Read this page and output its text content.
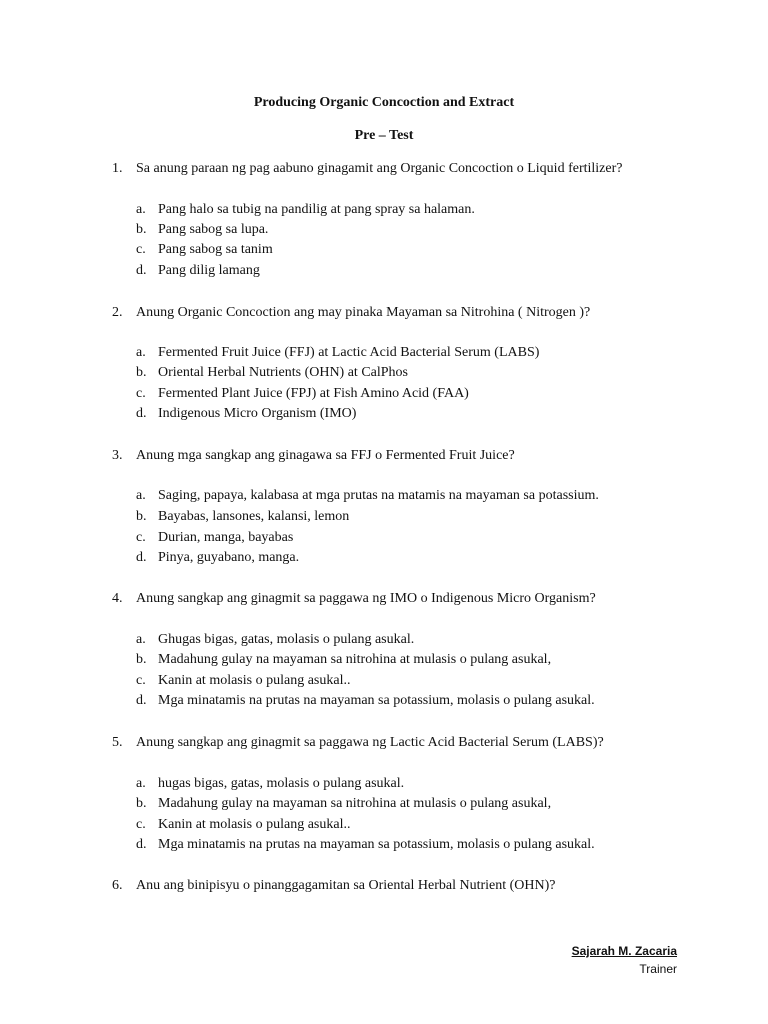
Producing Organic Concoction and Extract
Pre – Test
1. Sa anung paraan ng pag aabuno ginagamit ang Organic Concoction o Liquid fertilizer?
a. Pang halo sa tubig na pandilig at pang spray sa halaman.
b. Pang sabog sa lupa.
c. Pang sabog sa tanim
d. Pang dilig lamang
2. Anung Organic Concoction ang may pinaka Mayaman sa Nitrohina ( Nitrogen )?
a. Fermented Fruit Juice (FFJ) at Lactic Acid Bacterial Serum (LABS)
b. Oriental Herbal Nutrients (OHN) at CalPhos
c. Fermented Plant Juice (FPJ) at Fish Amino Acid (FAA)
d. Indigenous Micro Organism (IMO)
3. Anung mga sangkap ang ginagawa sa FFJ o Fermented Fruit Juice?
a. Saging, papaya, kalabasa at mga prutas na matamis na mayaman sa potassium.
b. Bayabas, lansones, kalansi, lemon
c. Durian, manga, bayabas
d. Pinya, guyabano, manga.
4. Anung sangkap ang ginagmit sa paggawa ng IMO o Indigenous Micro Organism?
a. Ghugas bigas, gatas, molasis o pulang asukal.
b. Madahung gulay na mayaman sa nitrohina at mulasis o pulang asukal,
c. Kanin at molasis o pulang asukal..
d. Mga minatamis na prutas na mayaman sa potassium, molasis o pulang asukal.
5. Anung sangkap ang ginagmit sa paggawa ng Lactic Acid Bacterial Serum (LABS)?
a. hugas bigas, gatas, molasis o pulang asukal.
b. Madahung gulay na mayaman sa nitrohina at mulasis o pulang asukal,
c. Kanin at molasis o pulang asukal..
d. Mga minatamis na prutas na mayaman sa potassium, molasis o pulang asukal.
6. Anu ang binipisyu o pinanggagamitan sa Oriental Herbal Nutrient (OHN)?
Sajarah M. Zacaria
Trainer
